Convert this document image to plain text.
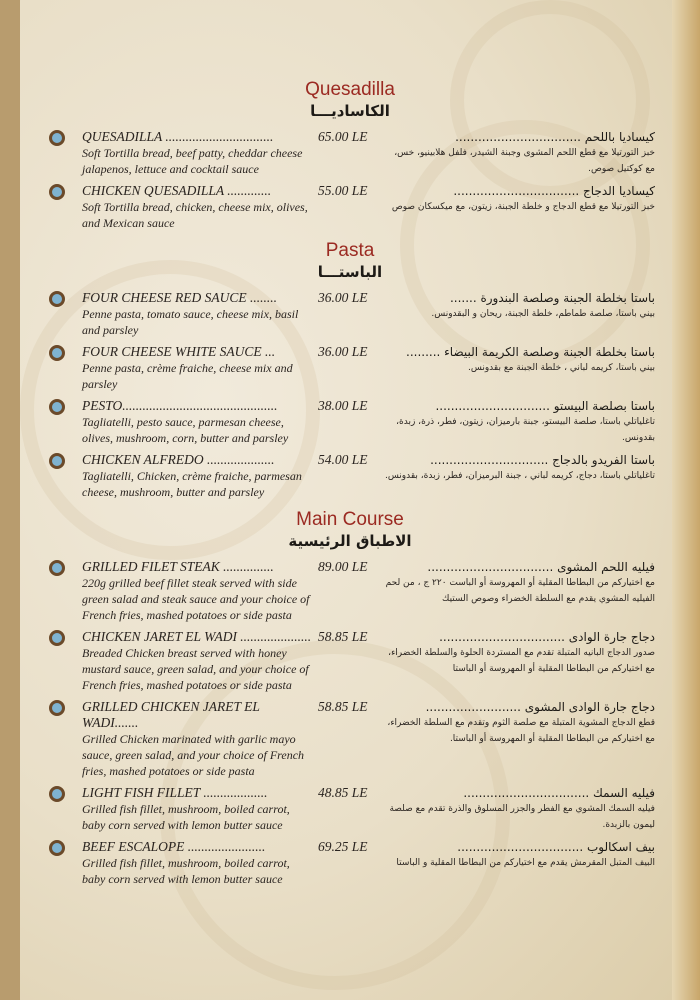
Quesadilla
الكاساديـــا
QUESADILLA ................................
Soft Tortilla bread, beef patty, cheddar cheese jalapenos, lettuce and cocktail sauce
65.00 LE	كيساديا باللحم .................................
خبز التورتيلا مع قطع اللحم المشوى وجبنة الشيدر، فلفل هلابينيو، خس، مع كوكتيل صوص.
CHICKEN QUESADILLA .............
Soft Tortilla bread, chicken, cheese mix, olives, and Mexican sauce
55.00 LE	كيساديا الدجاج .................................
خبز التورتيلا مع قطع الدجاج و خلطة الجبنة، زيتون، مع ميكسكان صوص
Pasta
الباستـــا
FOUR CHEESE RED SAUCE ........
Penne pasta, tomato sauce, cheese mix, basil and parsley
36.00 LE	باستا بخلطة الجبنة وصلصة البندورة .......
بيني باستا، صلصة طماطم، خلطة الجبنة، ريحان و البقدونس.
FOUR CHEESE WHITE SAUCE ...
Penne pasta, crème fraiche, cheese mix and parsley
36.00 LE	باستا بخلطة الجبنة وصلصة الكريمة البيضاء .........
بيني باستا، كريمه لباني ، خلطة الجبنة مع بقدونس.
PESTO..............................................
Tagliatelli, pesto sauce, parmesan cheese, olives, mushroom, corn, butter and parsley
38.00 LE	باستا بصلصة البيستو ..............................
تاغلياتلي باستا، صلصة البيستو، جبنة بارميزان، زيتون، فطر، ذرة، زبدة، بقدونس.
CHICKEN ALFREDO ....................
Tagliatelli, Chicken, crème fraiche, parmesan cheese, mushroom, butter and parsley
54.00 LE	باستا الفريدو بالدجاج ...............................
تاغلياتلي باستا، دجاج، كريمه لباني ، جبنة البرميزان، فطر، زبدة، بقدونس.
Main Course
الاطباق الرئيسية
GRILLED FILET STEAK ...............
220g grilled beef fillet steak served with side green salad and steak sauce and your choice of French fries, mashed potatoes or side pasta
89.00 LE	فيليه اللحم المشوى .................................
مع اختياركم من البطاطا المقلية أو المهروسة أو الباست ٢٢٠ ج ، من لحم الفيليه المشوي يقدم مع السلطة الخضراء وصوص الستيك
CHICKEN JARET EL WADI .....................
Breaded Chicken breast served with honey mustard sauce, green salad, and your choice of French fries, mashed potatoes or side pasta
58.85 LE	دجاج جارة الوادى .................................
صدور الدجاج البانيه المتبلة تقدم مع المستردة الحلوة والسلطة الخضراء، مع اختياركم من البطاطا المقلية أو المهروسة أو الباستا
GRILLED CHICKEN JARET EL WADI.......
Grilled Chicken marinated with garlic mayo sauce, green salad, and your choice of French fries, mashed potatoes or side pasta
58.85 LE	دجاج جارة الوادى المشوى .........................
قطع الدجاج المشوية المتبلة مع صلصة الثوم وتقدم مع السلطة الخضراء، مع اختياركم من البطاطا المقلية أو المهروسة أو الباستا.
LIGHT FISH FILLET ...................
Grilled fish fillet, mushroom, boiled carrot, baby corn served with lemon butter sauce
48.85 LE	فيليه السمك .................................
فيليه السمك المشوي مع الفطر والجزر المسلوق والذرة تقدم مع صلصة ليمون بالزبدة.
BEEF ESCALOPE .......................
Grilled fish fillet, mushroom, boiled carrot, baby corn served with lemon butter sauce
69.25 LE	بيف اسكالوب .................................
البيف المتبل المقرمش يقدم مع اختياركم من البطاطا المقلية و الباستا
